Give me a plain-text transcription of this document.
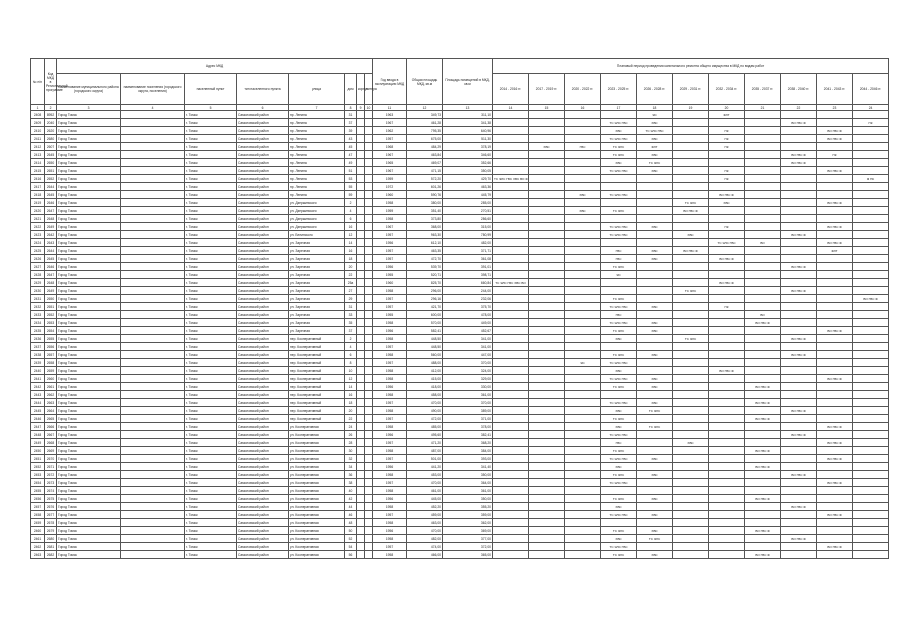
№ п/п	Код МКД в Региональной программе	Адрес МКД								Год ввода в эксплуатацию МКД	Общая площадь МКД, кв.м	Площадь помещений в МКД, кв.м	Плановый период проведения капитального ремонта общего имущества в МКД по видам работ										
		наименование муниципального района (городского округа)	наименование поселения (городского округа, поселения)	населенный пункт	тип населенного пункта	улица	дом	корпус	литера				2014 - 2016 гг.	2017 - 2019 гг.	2020 - 2022 гг.	2023 - 2025 гг.	2026 - 2028 гг.	2029 - 2031 гг.	2032 - 2034 гг.	2035 - 2037 гг.	2038 - 2040 гг.	2041 - 2043 гг.	2044 - 2046 гг.
1	2	3	4	5	6	7	8	9	10	11	12	13	14	15	16	17	18	19	20	21	22	23	24
2408	8952	Город Томск		г. Томск	Самоловский район	пр. Ленина	31			1963	349,73	311,10					ЭС		ФЛГ				
2409	2040	Город Томск		г. Томск	Самоловский район	пр. Ленина	37			1967	461,28	341,38				ТС ЭЛС ГВС	ХВС				ВО ГВС Ф		ПК
2410	2620	Город Томск		г. Томск	Самоловский район	пр. Ленина	39			1962	795,35	640,96				ХВС	ТС ЭЛС ГВС		ПК			ВО ГВС Ф	
2411	2680	Город Томск		г. Томск	Самоловский район	пр. Ленина	43			1957	675,00	511,30				ТС ЭЛС ГВС	ХВС		ПК			ВО ГВС Ф	
2412	2607	Город Томск		г. Томск	Самоловский район	пр. Ленина	45			1968	484,29	378,19		ХВС	ГВС	ТС ЭЛС	ФЛГ		ПК				
2413	2645	Город Томск		г. Томск	Самоловский район	пр. Ленина	47			1967	463,84	346,60				ТС ЭЛС	ХВС				ВО ГВС Ф	ПК	
2414	2650	Город Томск		г. Томск	Самоловский район	пр. Ленина	49			1965	469,07	352,66				ХВС	ТС ЭЛС				ВО ГВС Ф		
2415	2651	Город Томск		г. Томск	Самоловский район	пр. Ленина	51			1967	471,15	350,05				ТС ЭЛС ГВС	ХВС		ПК			ВО ГВС Ф	
2416	2652	Город Томск		г. Томск	Самоловский район	пр. Ленина	53			1959	572,20	429,70	ТС ЭЛС ГВС ХВС ВО Ф						ПК				Ф ПК
2417	2644	Город Томск		г. Томск	Самоловский район	пр. Ленина	55			1972	601,26	463,36											
2418	2645	Город Томск		г. Томск	Самоловский район	пр. Ленина	59			1960	590,76	445,79			ХВС	ТС ЭЛС ГВС			ВО ГВС Ф				
2419	2646	Город Томск		г. Томск	Самоловский район	ул. Дзержинского	2			1958	380,00	285,00						ТС ЭЛС	ХВС			ВО ГВС Ф	
2420	2647	Город Томск		г. Томск	Самоловский район	ул. Дзержинского	4			1959	351,40	270,51			ХВС	ТС ЭЛС		ВО ГВС Ф					
2421	2648	Город Томск		г. Томск	Самоловский район	ул. Дзержинского	6			1958	373,80	286,60											
2422	2649	Город Томск		г. Томск	Самоловский район	ул. Дзержинского	16			1967	368,00	315,00				ТС ЭЛС ГВС	ХВС		ПК			ВО ГВС Ф	
2423	2642	Город Томск		г. Томск	Самоловский район	ул. Белинского	12			1957	963,30	780,99				ТС ЭЛС ГВС		ХВС			ВО ГВС Ф		
2424	2643	Город Томск		г. Томск	Самоловский район	ул. Заречная	14			1956	612,10	482,00							ТС ЭЛС ГВС	ВО		ВО ГВС Ф	
2425	2644	Город Томск		г. Томск	Самоловский район	ул. Заречная	16			1957	463,35	371,71				ГВС	ХВС	ВО ГВС Ф				ФЛГ	
2426	2645	Город Томск		г. Томск	Самоловский район	ул. Заречная	18			1957	472,70	361,08				ГВС	ХВС		ВО ГВС Ф				
2427	2646	Город Томск		г. Томск	Самоловский район	ул. Заречная	20			1956	539,70	391,01				ТС ЭЛС					ВО ГВС Ф		
2428	2647	Город Томск		г. Томск	Самоловский район	ул. Заречная	22			1955	520,71	398,71				ЭС							
2429	2648	Город Томск		г. Томск	Самоловский район	ул. Заречная	25а			1960	825,70	660,84	ТС ЭЛС ГВС ХВС ВО						ВО ГВС Ф				
2430	2649	Город Томск		г. Томск	Самоловский район	ул. Заречная	27			1958	296,00	244,00						ТС ЭЛС			ВО ГВС Ф		
2431	2650	Город Томск		г. Томск	Самоловский район	ул. Заречная	29			1957	296,16	232,06				ТС ЭЛС							ВО ГВС Ф
2432	2651	Город Томск		г. Томск	Самоловский район	ул. Заречная	31			1957	421,70	375,70				ТС ЭЛС ГВС	ХВС		ПК				
2433	2652	Город Томск		г. Томск	Самоловский район	ул. Заречная	33			1955	600,00	478,00				ГВС				ВО			
2434	2653	Город Томск		г. Томск	Самоловский район	ул. Заречная	35			1958	570,00	449,00				ТС ЭЛС ГВС	ХВС			ВО ГВС Ф			
2435	2654	Город Томск		г. Томск	Самоловский район	ул. Заречная	37			1956	582,41	452,67				ТС ЭЛС	ХВС					ВО ГВС Ф	
2436	2655	Город Томск		г. Томск	Самоловский район	пер. Кооперативный	2			1958	448,50	341,00				ХВС		ТС ЭЛС			ВО ГВС Ф		
2437	2656	Город Томск		г. Томск	Самоловский район	пер. Кооперативный	4			1957	448,50	341,00											
2438	2657	Город Томск		г. Томск	Самоловский район	пер. Кооперативный	6			1958	560,00	447,00				ТС ЭЛС	ХВС				ВО ГВС Ф		
2439	2658	Город Томск		г. Томск	Самоловский район	пер. Кооперативный	8			1957	488,00	370,00			ЭС	ТС ЭЛС ГВС							
2440	2659	Город Томск		г. Томск	Самоловский район	пер. Кооперативный	10			1958	412,00	324,00				ХВС			ВО ГВС Ф				
2441	2660	Город Томск		г. Томск	Самоловский район	пер. Кооперативный	12			1958	415,00	329,00				ТС ЭЛС ГВС	ХВС					ВО ГВС Ф	
2442	2661	Город Томск		г. Томск	Самоловский район	пер. Кооперативный	14			1956	418,00	330,00				ТС ЭЛС	ХВС			ВО ГВС Ф			
2443	2662	Город Томск		г. Томск	Самоловский район	пер. Кооперативный	16			1958	458,00	361,00											
2444	2663	Город Томск		г. Томск	Самоловский район	пер. Кооперативный	18			1957	470,00	370,00				ТС ЭЛС ГВС	ХВС			ВО ГВС Ф			
2445	2664	Город Томск		г. Томск	Самоловский район	пер. Кооперативный	20			1958	490,00	389,00				ХВС	ТС ЭЛС				ВО ГВС Ф		
2446	2665	Город Томск		г. Томск	Самоловский район	пер. Кооперативный	22			1957	472,00	371,00				ТС ЭЛС				ВО ГВС Ф			
2447	2666	Город Томск		г. Томск	Самоловский район	ул. Кооперативная	24			1958	485,00	378,00				ХВС	ТС ЭЛС					ВО ГВС Ф	
2448	2667	Город Томск		г. Томск	Самоловский район	ул. Кооперативная	26			1956	495,60	382,41				ТС ЭЛС ГВС					ВО ГВС Ф		
2449	2668	Город Томск		г. Томск	Самоловский район	ул. Кооперативная	28			1957	471,20	368,20				ГВС		ХВС				ВО ГВС Ф	
2450	2669	Город Томск		г. Томск	Самоловский район	ул. Кооперативная	30			1958	487,00	384,00				ТС ЭЛС				ВО ГВС Ф			
2451	2670	Город Томск		г. Томск	Самоловский район	ул. Кооперативная	32			1957	501,00	393,00				ТС ЭЛС ГВС	ХВС					ВО ГВС Ф	
2452	2671	Город Томск		г. Томск	Самоловский район	ул. Кооперативная	34			1956	441,20	341,40				ХВС				ВО ГВС Ф			
2453	2672	Город Томск		г. Томск	Самоловский район	ул. Кооперативная	36			1958	453,00	350,00				ТС ЭЛС	ХВС				ВО ГВС Ф		
2454	2673	Город Томск		г. Томск	Самоловский район	ул. Кооперативная	38			1957	470,00	364,00				ТС ЭЛС ГВС						ВО ГВС Ф	
2455	2674	Город Томск		г. Томск	Самоловский район	ул. Кооперативная	40			1958	461,00	361,00											
2456	2675	Город Томск		г. Томск	Самоловский район	ул. Кооперативная	42			1956	445,00	350,00				ТС ЭЛС	ХВС			ВО ГВС Ф			
2457	2676	Город Томск		г. Томск	Самоловский район	ул. Кооперативная	44			1958	452,20	355,20				ХВС					ВО ГВС Ф		
2458	2677	Город Томск		г. Томск	Самоловский район	ул. Кооперативная	46			1957	459,00	359,00				ТС ЭЛС ГВС	ХВС					ВО ГВС Ф	
2459	2678	Город Томск		г. Томск	Самоловский район	ул. Кооперативная	48			1958	463,00	362,00											
2460	2679	Город Томск		г. Томск	Самоловский район	ул. Кооперативная	50			1956	470,00	369,00				ТС ЭЛС	ХВС			ВО ГВС Ф			
2461	2680	Город Томск		г. Томск	Самоловский район	ул. Кооперативная	52			1958	482,00	377,00				ХВС	ТС ЭЛС				ВО ГВС Ф		
2462	2681	Город Томск		г. Томск	Самоловский район	ул. Кооперативная	54			1957	474,00	372,00				ТС ЭЛС ГВС						ВО ГВС Ф	
2463	2682	Город Томск		г. Томск	Самоловский район	ул. Кооперативная	56			1958	466,00	365,00				ТС ЭЛС	ХВС			ВО ГВС Ф			
